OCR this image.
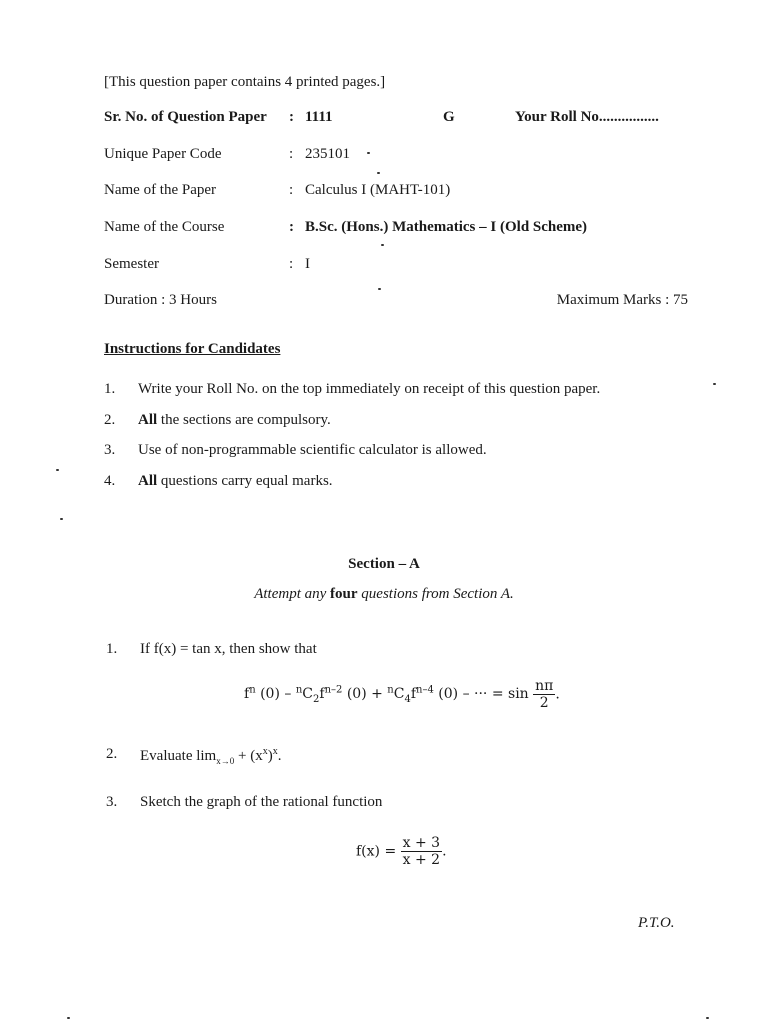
[This question paper contains 4 printed pages.]
Sr. No. of Question Paper : 1111	G	Your Roll No................
Unique Paper Code	: 235101
Name of the Paper	: Calculus I (MAHT-101)
Name of the Course	: B.Sc. (Hons.) Mathematics – I (Old Scheme)
Semester	: I
Duration : 3 Hours	Maximum Marks : 75
Instructions for Candidates
1. Write your Roll No. on the top immediately on receipt of this question paper.
2. All the sections are compulsory.
3. Use of non-programmable scientific calculator is allowed.
4. All questions carry equal marks.
Section – A
Attempt any four questions from Section A.
1. If f(x) = tan x, then show that
$f^n$ $(0) - ^nC_2f^{n-2}$ $(0) + ^nC_4f^{n-4}$ (0) – ··· = $\sin \frac{n\pi}{2}$ .
2. Evaluate $\lim_{x\to 0} + (x^x)^x$.
3. Sketch the graph of the rational function
$f(x) = \frac{x + 3}{x + 2}$ .
P.T.O.
